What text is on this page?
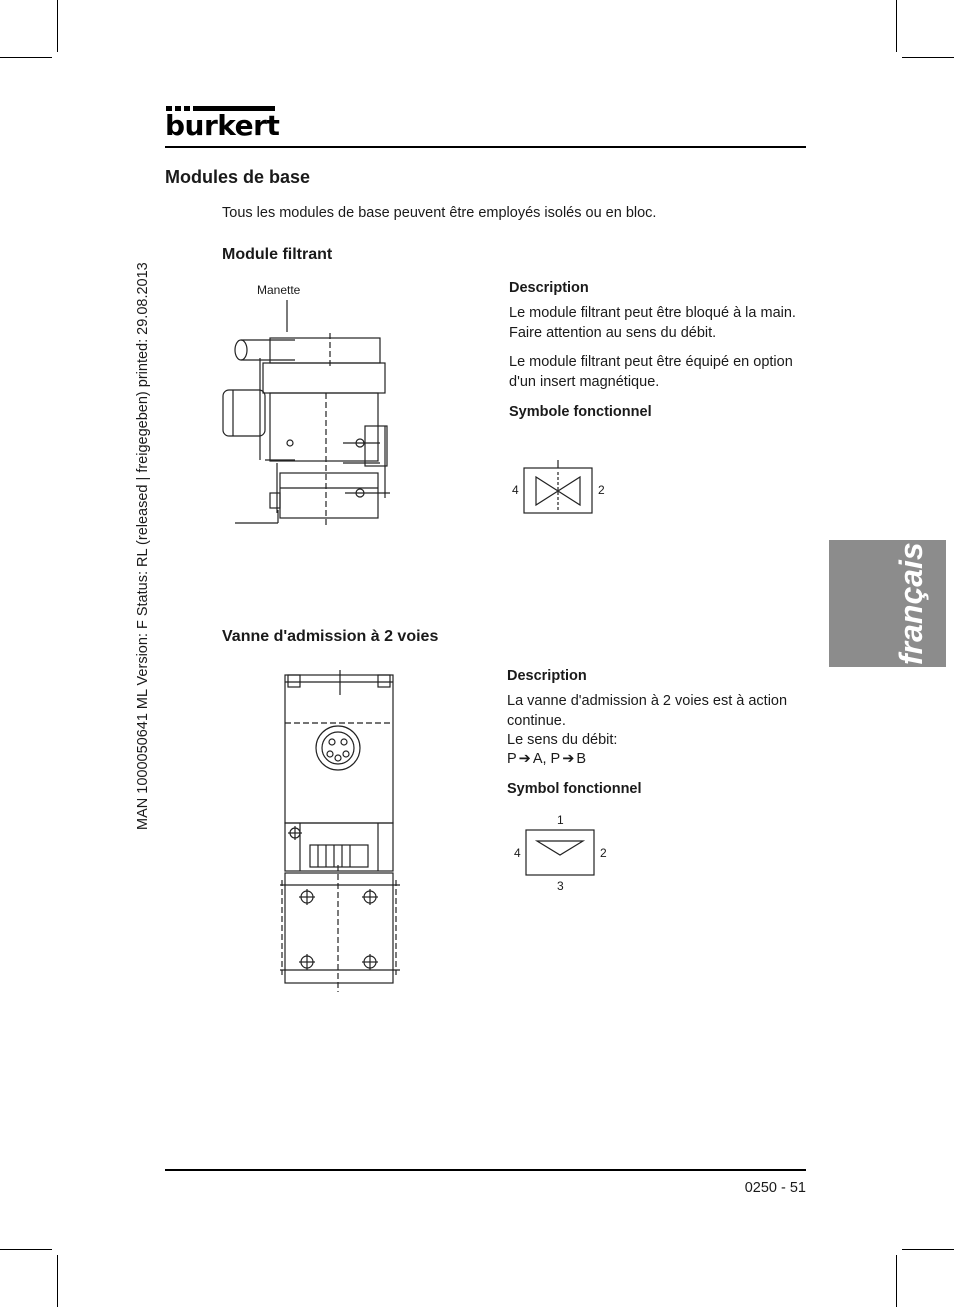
burkert
MAN 1000050641 ML Version: F Status: RL (released | freigegeben) printed: 29.08.2013	français
Modules de base
Tous les modules de base peuvent être employés isolés ou en bloc.
Module filtrant
Manette	Description
Le module filtrant peut être bloqué à la main. Faire attention au sens du débit.
Le module filtrant peut être équipé en option d'un insert magnétique.
Symbole fonctionnel
4	2
Vanne d'admission à 2 voies
Description
La vanne d'admission à 2 voies est à action continue.
Le sens du débit:
P ➔ A, P ➔ B
Symbol fonctionnel
1
4	2
3
0250 - 51
